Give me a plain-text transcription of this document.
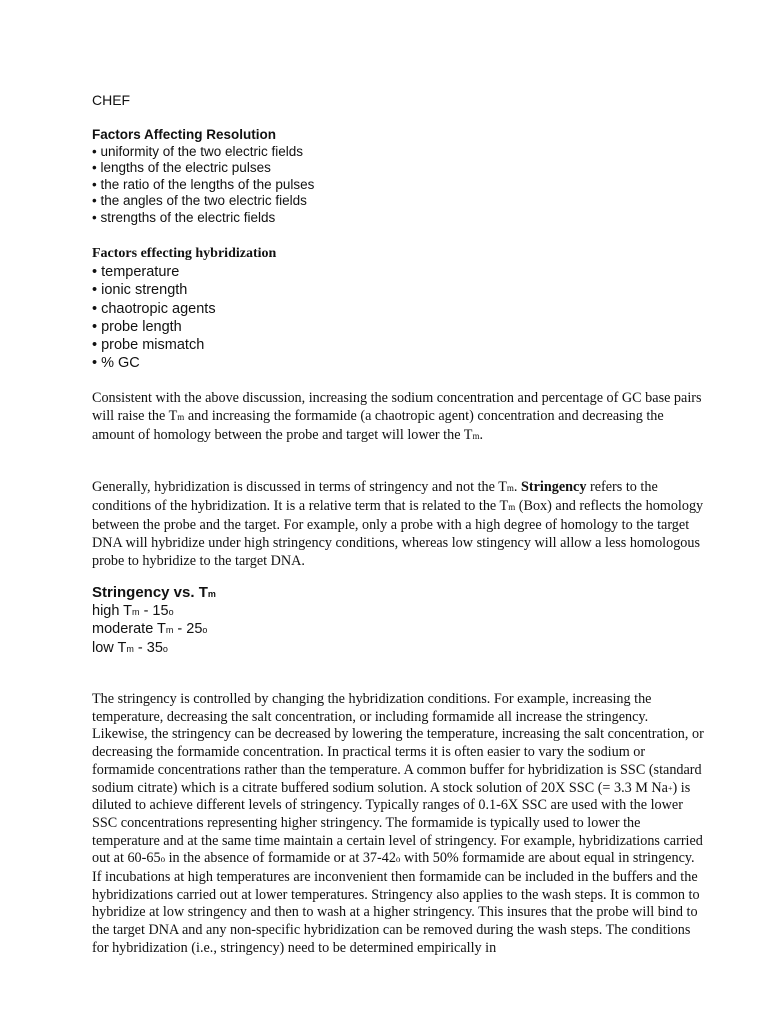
CHEF
Factors Affecting Resolution
• uniformity of the two electric fields
• lengths of the electric pulses
• the ratio of the lengths of the pulses
• the angles of the two electric fields
• strengths of the electric fields
Factors effecting hybridization
• temperature
• ionic strength
• chaotropic agents
• probe length
• probe mismatch
• % GC

Consistent with the above discussion, increasing the sodium concentration and percentage of GC base pairs will raise the Tm and increasing the formamide (a chaotropic agent) concentration and decreasing the amount of homology between the probe and target will lower the Tm.

Generally, hybridization is discussed in terms of stringency and not the Tm. Stringency refers to the conditions of the hybridization. It is a relative term that is related to the Tm (Box) and reflects the homology between the probe and the target. For example, only a probe with a high degree of homology to the target DNA will hybridize under high stringency conditions, whereas low stingency will allow a less homologous probe to hybridize to the target DNA.

Stringency vs. Tm
high Tm - 15o
moderate Tm - 25o
low Tm - 35o

The stringency is controlled by changing the hybridization conditions. For example, increasing the temperature, decreasing the salt concentration, or including formamide all increase the stringency. Likewise, the stringency can be decreased by lowering the temperature, increasing the salt concentration, or decreasing the formamide concentration. In practical terms it is often easier to vary the sodium or formamide concentrations rather than the temperature. A common buffer for hybridization is SSC (standard sodium citrate) which is a citrate buffered sodium solution. A stock solution of 20X SSC (= 3.3 M Na+) is diluted to achieve different levels of stringency. Typically ranges of 0.1-6X SSC are used with the lower SSC concentrations representing higher stringency. The formamide is typically used to lower the temperature and at the same time maintain a certain level of stringency. For example, hybridizations carried out at 60-65o in the absence of formamide or at 37-42o with 50% formamide are about equal in stringency. If incubations at high temperatures are inconvenient then formamide can be included in the buffers and the hybridizations carried out at lower temperatures. Stringency also applies to the wash steps. It is common to hybridize at low stringency and then to wash at a higher stringency. This insures that the probe will bind to the target DNA and any non-specific hybridization can be removed during the wash steps. The conditions for hybridization (i.e., stringency) need to be determined empirically in
